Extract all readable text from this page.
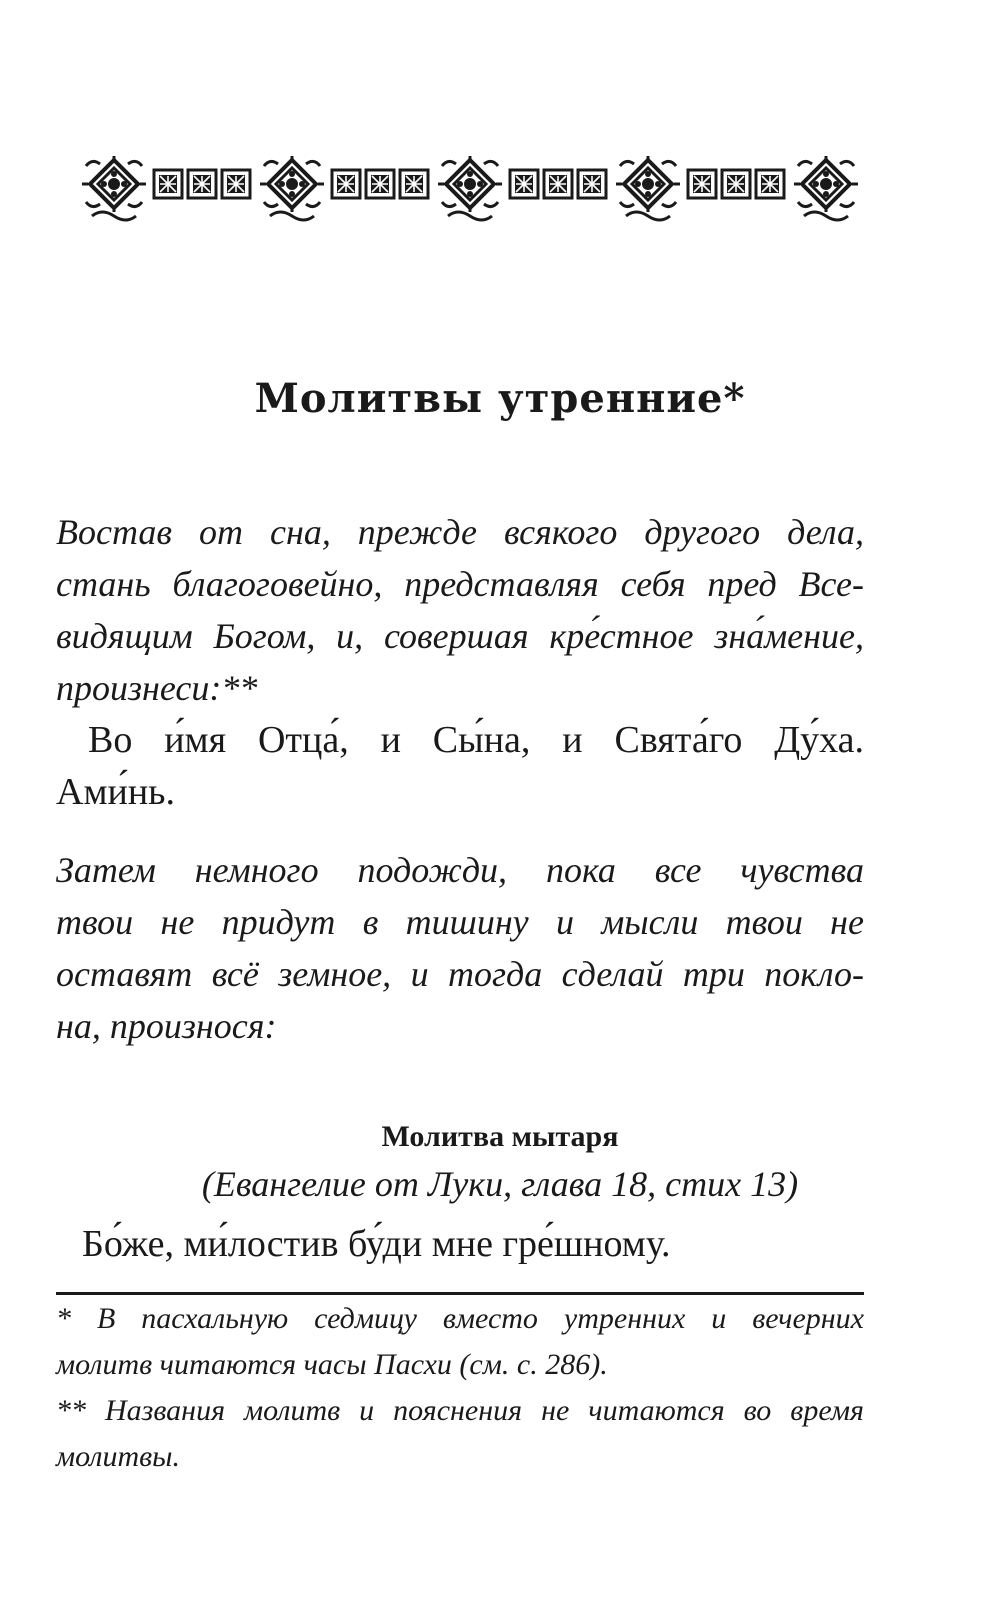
Молитвы утренние*
Востав от сна, прежде всякого другого дела,
стань благоговейно, представляя себя пред Все-
видящим Богом, и, совершая кре́стное зна́мение,
произнеси:**
Во и́мя Отца́, и Сы́на, и Свята́го Ду́ха.
Ами́нь.
Затем немного подожди, пока все чувства
твои не придут в тишину и мысли твои не
оставят всё земное, и тогда сделай три покло-
на, произнося:
Молитва мытаря
(Евангелие от Луки, глава 18, стих 13)
Бо́же, ми́лостив бу́ди мне гре́шному.
* В пасхальную седмицу вместо утренних и вечерних
молитв читаются часы Пасхи (см. с. 286).
** Названия молитв и пояснения не читаются во время
молитвы.
